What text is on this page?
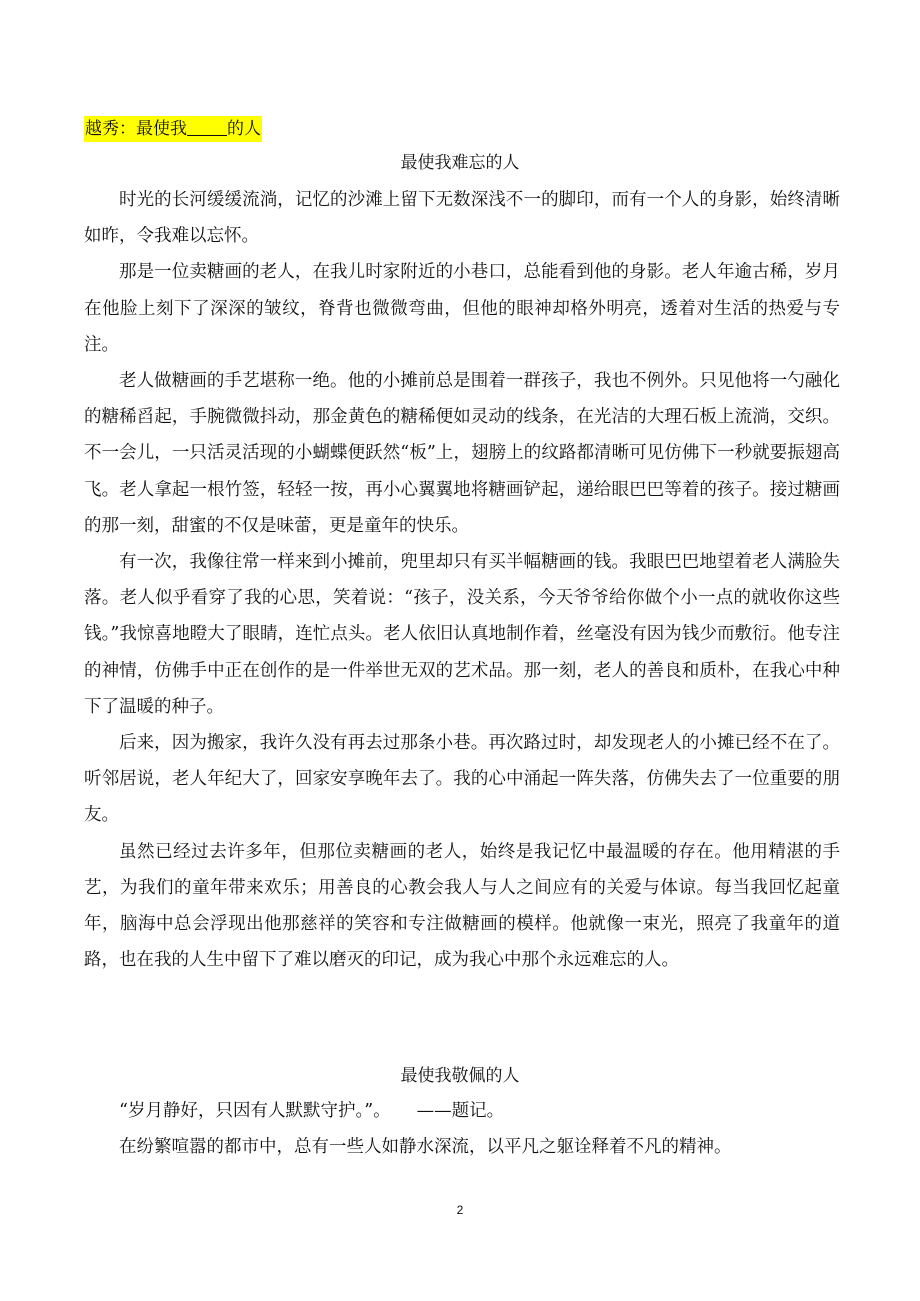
越秀：最使我 的人
最使我难忘的人

时光的长河缓缓流淌，记忆的沙滩上留下无数深浅不一的脚印，而有一个人的身影，始终清晰如昨，令我难以忘怀。

那是一位卖糖画的老人，在我儿时家附近的小巷口，总能看到他的身影。老人年逾古稀，岁月在他脸上刻下了深深的皱纹，脊背也微微弯曲，但他的眼神却格外明亮，透着对生活的热爱与专注。

老人做糖画的手艺堪称一绝。他的小摊前总是围着一群孩子，我也不例外。只见他将一勺融化的糖稀舀起，手腕微微抖动，那金黄色的糖稀便如灵动的线条，在光洁的大理石板上流淌，交织。不一会儿，一只活灵活现的小蝴蝶便跃然“板”上，翅膀上的纹路都清晰可见仿佛下一秒就要振翅高飞。老人拿起一根竹签，轻轻一按，再小心翼翼地将糖画铲起，递给眼巴巴等着的孩子。接过糖画的那一刻，甜蜜的不仅是味蕾，更是童年的快乐。

有一次，我像往常一样来到小摊前，兜里却只有买半幅糖画的钱。我眼巴巴地望着老人满脸失落。老人似乎看穿了我的心思，笑着说：“孩子，没关系，今天爷爷给你做个小一点的就收你这些钱。”我惊喜地瞪大了眼睛，连忙点头。老人依旧认真地制作着，丝毫没有因为钱少而敷衍。他专注的神情，仿佛手中正在创作的是一件举世无双的艺术品。那一刻，老人的善良和质朴，在我心中种下了温暖的种子。

后来，因为搬家，我许久没有再去过那条小巷。再次路过时，却发现老人的小摊已经不在了。听邻居说，老人年纪大了，回家安享晚年去了。我的心中涌起一阵失落，仿佛失去了一位重要的朋友。

虽然已经过去许多年，但那位卖糖画的老人，始终是我记忆中最温暖的存在。他用精湛的手艺，为我们的童年带来欢乐；用善良的心教会我人与人之间应有的关爱与体谅。每当我回忆起童年，脑海中总会浮现出他那慈祥的笑容和专注做糖画的模样。他就像一束光，照亮了我童年的道路，也在我的人生中留下了难以磨灭的印记，成为我心中那个永远难忘的人。

最使我敬佩的人

“岁月静好，只因有人默默守护。”。 ——题记。

在纷繁喧嚣的都市中，总有一些人如静水深流，以平凡之躯诠释着不凡的精神。

2
